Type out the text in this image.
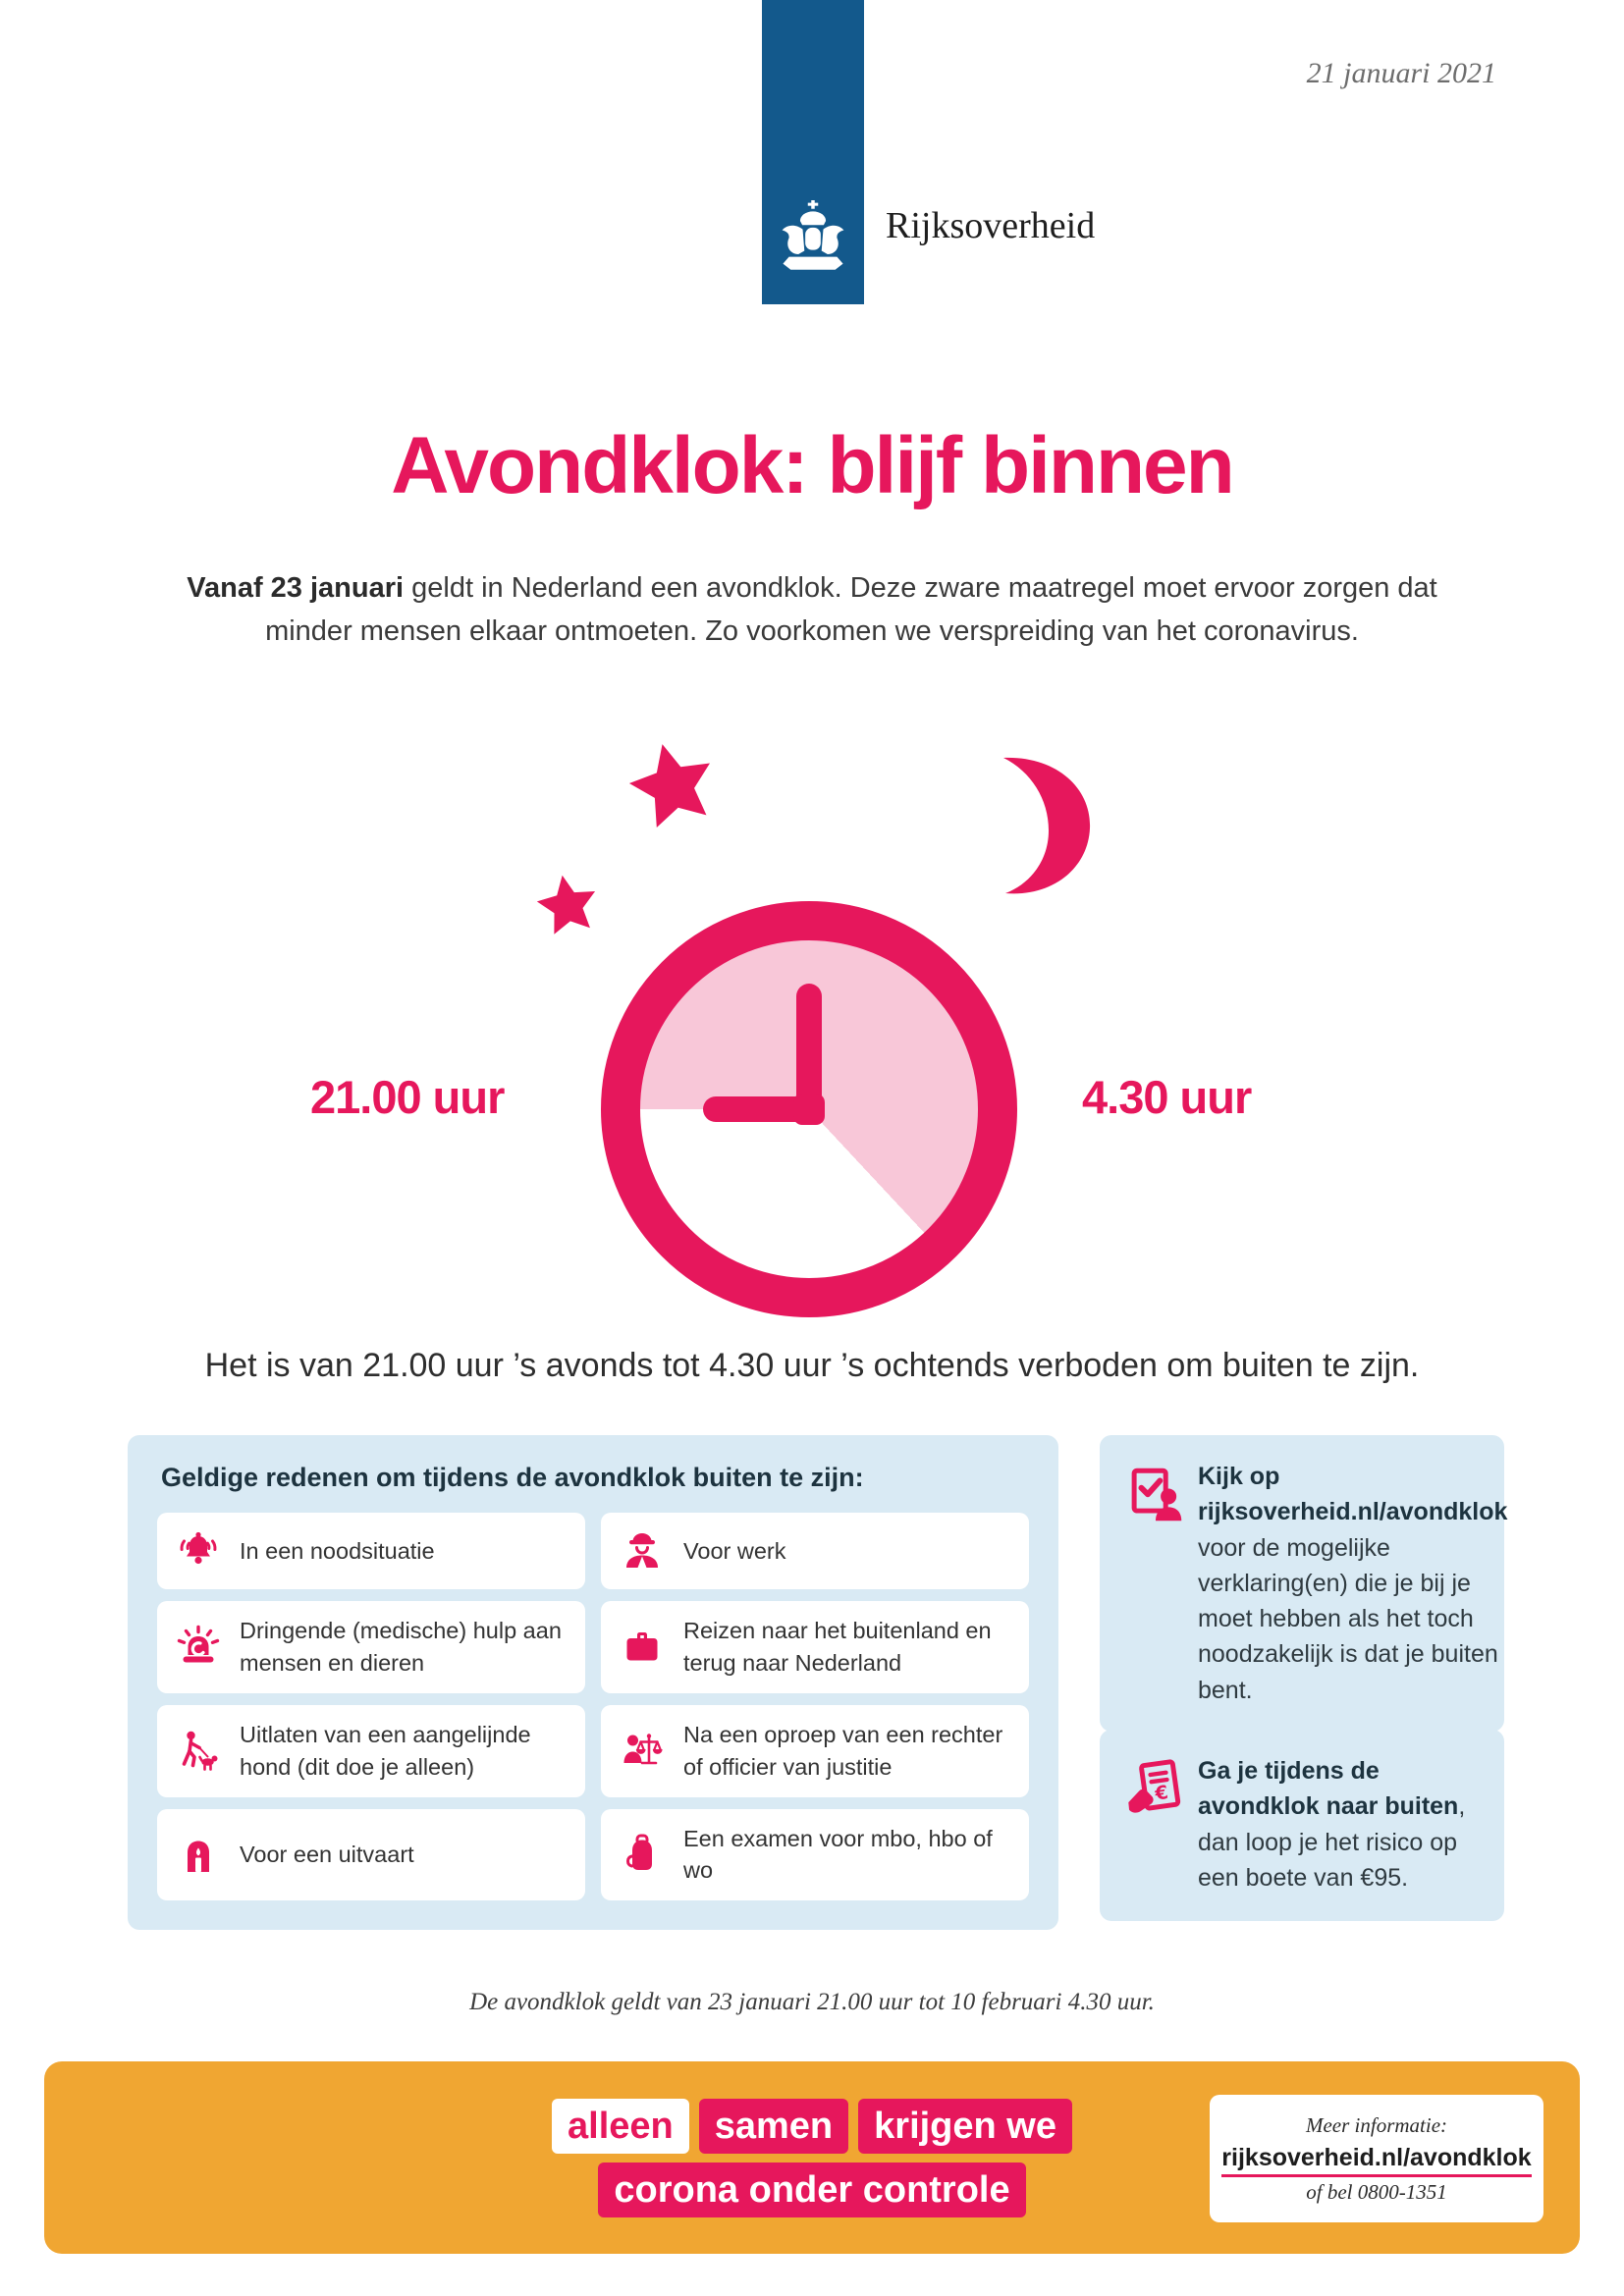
21 januari 2021
Rijksoverheid
Avondklok: blijf binnen

Vanaf 23 januari geldt in Nederland een avondklok. Deze zware maatregel moet ervoor zorgen dat minder mensen elkaar ontmoeten. Zo voorkomen we verspreiding van het coronavirus.

21.00 uur	4.30 uur

Het is van 21.00 uur ’s avonds tot 4.30 uur ’s ochtends verboden om buiten te zijn.

Geldige redenen om tijdens de avondklok buiten te zijn:

In een noodsituatie	Voor werk
Dringende (medische) hulp aan mensen en dieren
Reizen naar het buitenland en terug naar Nederland
Uitlaten van een aangelijnde hond (dit doe je alleen)
Na een oproep van een rechter of officier van justitie
Voor een uitvaart
Een examen voor mbo, hbo of wo
Kijk op rijksoverheid.nl/avondklok voor de mogelijke verklaring(en) die je bij je moet hebben als het toch noodzakelijk is dat je buiten bent.
€
Ga je tijdens de avondklok naar buiten, dan loop je het risico op een boete van €95.

De avondklok geldt van 23 januari 21.00 uur tot 10 februari 4.30 uur.

alleen	samen	krijgen we
corona onder controle
Meer informatie:
rijksoverheid.nl/avondklok
of bel 0800-1351
